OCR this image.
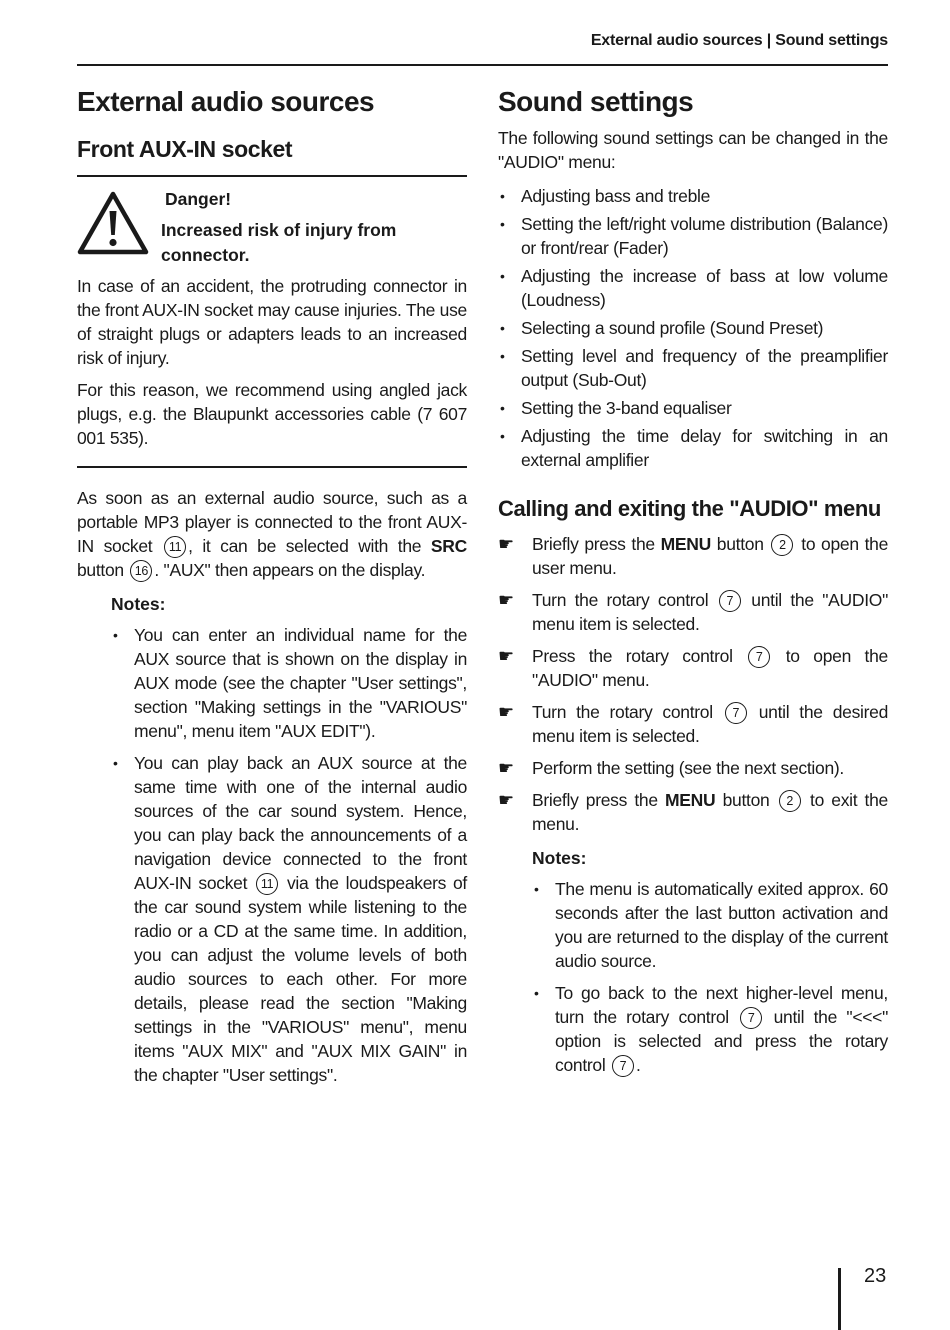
External audio sources | Sound settings
External audio sources
Front AUX-IN socket
Danger!
Increased risk of injury from connector.

In case of an accident, the protruding connector in the front AUX-IN socket may cause injuries. The use of straight plugs or adapters leads to an increased risk of injury.

For this reason, we recommend using angled jack plugs, e.g. the Blaupunkt accessories cable (7 607 001 535).

As soon as an external audio source, such as a portable MP3 player is connected to the front AUX-IN socket 11 , it can be selected with the SRC button 16 . "AUX" then appears on the display.

Notes:
• You can enter an individual name for the AUX source that is shown on the display in AUX mode (see the chapter "User settings", section "Making settings in the "VARIOUS" menu", menu item "AUX EDIT").
• You can play back an AUX source at the same time with one of the internal audio sources of the car sound system. Hence, you can play back the announcements of a navigation device connected to the front AUX-IN socket 11 via the loudspeakers of the car sound system while listening to the radio or a CD at the same time. In addition, you can adjust the volume levels of both audio sources to each other. For more details, please read the section "Making settings in the "VARIOUS" menu", menu items "AUX MIX" and "AUX MIX GAIN" in the chapter "User settings".
Sound settings

The following sound settings can be changed in the "AUDIO" menu:

• Adjusting bass and treble
• Setting the left/right volume distribution (Balance) or front/rear (Fader)
• Adjusting the increase of bass at low volume (Loudness)
• Selecting a sound profile (Sound Preset)
• Setting level and frequency of the preamplifier output (Sub-Out)
• Setting the 3-band equaliser
• Adjusting the time delay for switching in an external amplifier
Calling and exiting the "AUDIO" menu
☛ Briefly press the MENU button 2 to open the user menu.
☛ Turn the rotary control 7 until the "AUDIO" menu item is selected.
☛ Press the rotary control 7 to open the "AUDIO" menu.
☛ Turn the rotary control 7 until the desired menu item is selected.
☛ Perform the setting (see the next section).
☛ Briefly press the MENU button 2 to exit the menu.
Notes:
• The menu is automatically exited approx. 60 seconds after the last button activation and you are returned to the display of the current audio source.
• To go back to the next higher-level menu, turn the rotary control 7 until the "<<<" option is selected and press the rotary control 7 .
23
